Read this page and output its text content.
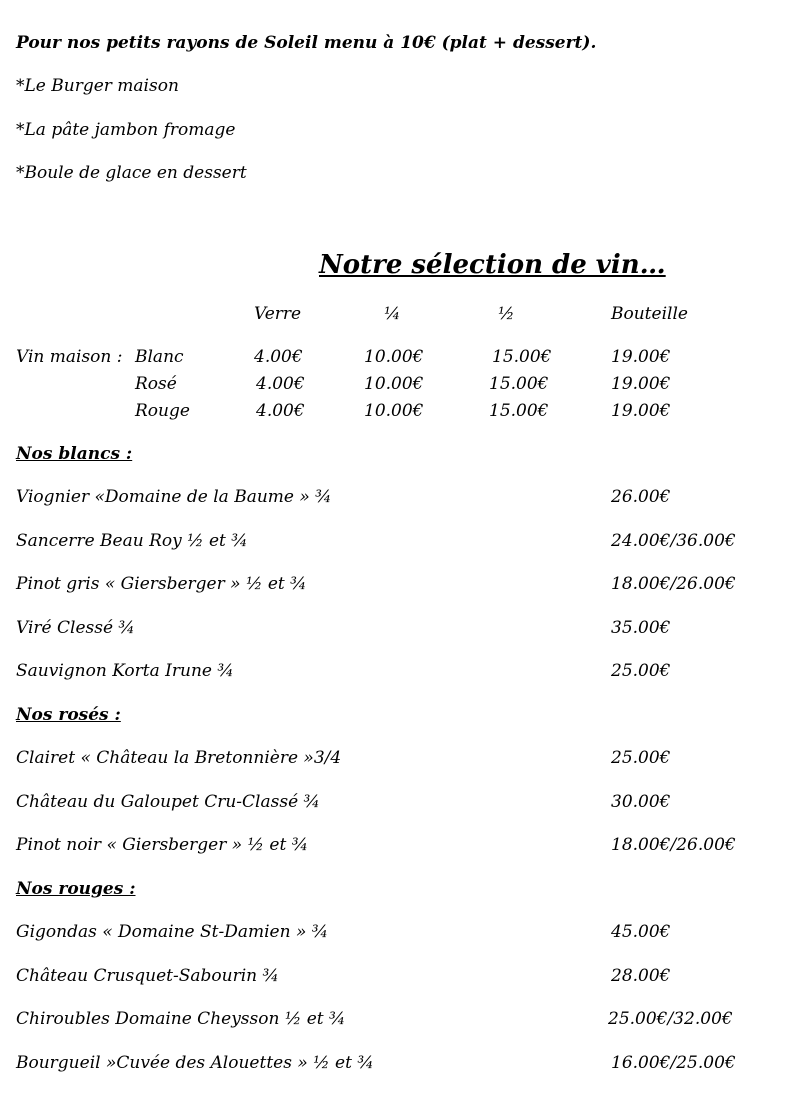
Pour nos petits rayons de Soleil menu à 10€ (plat + dessert).
*Le Burger maison
*La pâte jambon fromage
*Boule de glace en dessert
Notre sélection de vin…
Verre	¼	½	Bouteille
Vin maison : Blanc	4.00€	10.00€	15.00€	19.00€
Rosé	4.00€	10.00€	15.00€	19.00€
Rouge	4.00€	10.00€	15.00€	19.00€
Nos blancs :
Viognier «Domaine de la Baume » ¾	26.00€
Sancerre Beau Roy ½ et ¾	24.00€/36.00€
Pinot gris « Giersberger » ½ et ¾	18.00€/26.00€
Viré Clessé ¾	35.00€
Sauvignon Korta Irune ¾	25.00€
Nos rosés :
Clairet « Château la Bretonnière »3/4	25.00€
Château du Galoupet Cru-Classé ¾	30.00€
Pinot noir « Giersberger » ½ et ¾	18.00€/26.00€
Nos rouges :
Gigondas « Domaine St-Damien » ¾	45.00€
Château Crusquet-Sabourin ¾	28.00€
Chiroubles Domaine Cheysson ½ et ¾	25.00€/32.00€
Bourgueil »Cuvée des Alouettes » ½ et ¾	16.00€/25.00€
